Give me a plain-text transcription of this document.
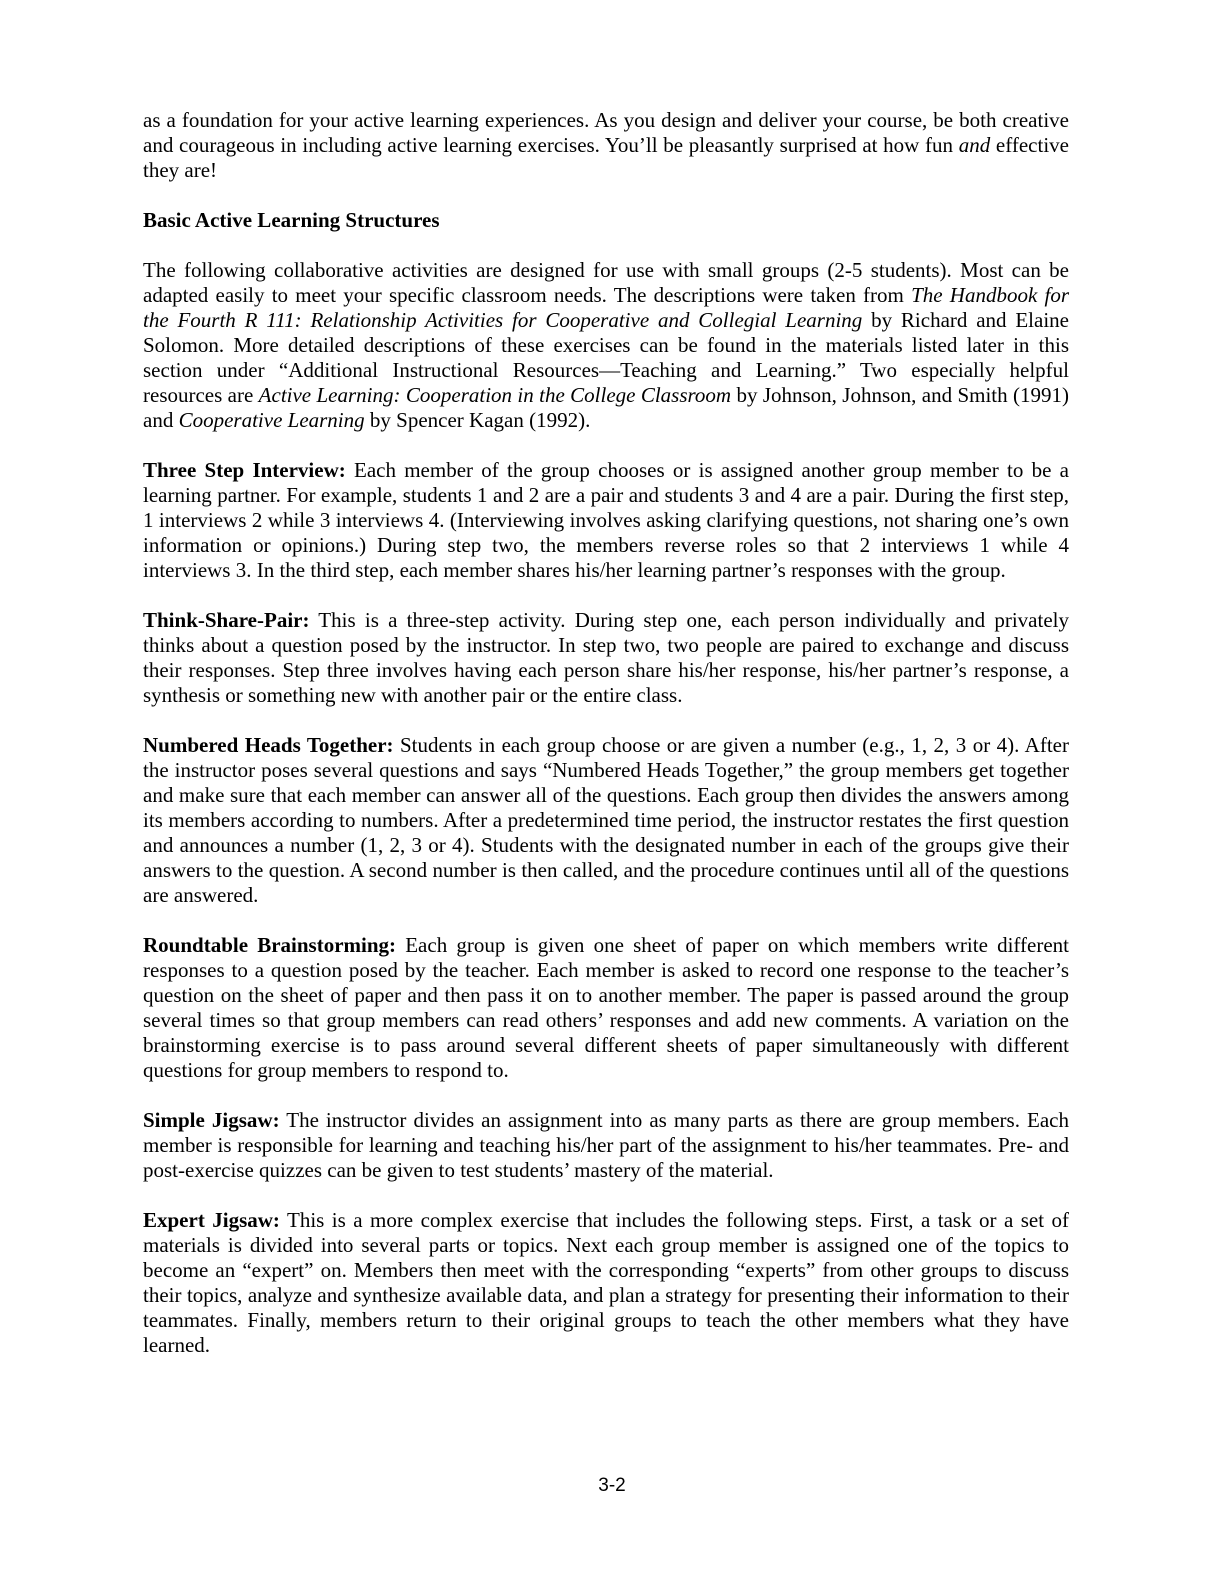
as a foundation for your active learning experiences. As you design and deliver your course, be both creative and courageous in including active learning exercises. You’ll be pleasantly surprised at how fun and effective they are!

Basic Active Learning Structures

The following collaborative activities are designed for use with small groups (2-5 students). Most can be adapted easily to meet your specific classroom needs. The descriptions were taken from The Handbook for the Fourth R 111: Relationship Activities for Cooperative and Collegial Learning by Richard and Elaine Solomon. More detailed descriptions of these exercises can be found in the materials listed later in this section under “Additional Instructional Resources—Teaching and Learning.” Two especially helpful resources are Active Learning: Cooperation in the College Classroom by Johnson, Johnson, and Smith (1991) and Cooperative Learning by Spencer Kagan (1992).

Three Step Interview: Each member of the group chooses or is assigned another group member to be a learning partner. For example, students 1 and 2 are a pair and students 3 and 4 are a pair. During the first step, 1 interviews 2 while 3 interviews 4. (Interviewing involves asking clarifying questions, not sharing one’s own information or opinions.) During step two, the members reverse roles so that 2 interviews 1 while 4 interviews 3. In the third step, each member shares his/her learning partner’s responses with the group.

Think-Share-Pair: This is a three-step activity. During step one, each person individually and privately thinks about a question posed by the instructor. In step two, two people are paired to exchange and discuss their responses. Step three involves having each person share his/her response, his/her partner’s response, a synthesis or something new with another pair or the entire class.

Numbered Heads Together: Students in each group choose or are given a number (e.g., 1, 2, 3 or 4). After the instructor poses several questions and says “Numbered Heads Together,” the group members get together and make sure that each member can answer all of the questions. Each group then divides the answers among its members according to numbers. After a predetermined time period, the instructor restates the first question and announces a number (1, 2, 3 or 4). Students with the designated number in each of the groups give their answers to the question. A second number is then called, and the procedure continues until all of the questions are answered.

Roundtable Brainstorming: Each group is given one sheet of paper on which members write different responses to a question posed by the teacher. Each member is asked to record one response to the teacher’s question on the sheet of paper and then pass it on to another member. The paper is passed around the group several times so that group members can read others’ responses and add new comments. A variation on the brainstorming exercise is to pass around several different sheets of paper simultaneously with different questions for group members to respond to.

Simple Jigsaw: The instructor divides an assignment into as many parts as there are group members. Each member is responsible for learning and teaching his/her part of the assignment to his/her teammates. Pre- and post-exercise quizzes can be given to test students’ mastery of the material.

Expert Jigsaw: This is a more complex exercise that includes the following steps. First, a task or a set of materials is divided into several parts or topics. Next each group member is assigned one of the topics to become an “expert” on. Members then meet with the corresponding “experts” from other groups to discuss their topics, analyze and synthesize available data, and plan a strategy for presenting their information to their teammates. Finally, members return to their original groups to teach the other members what they have learned.

3-2
